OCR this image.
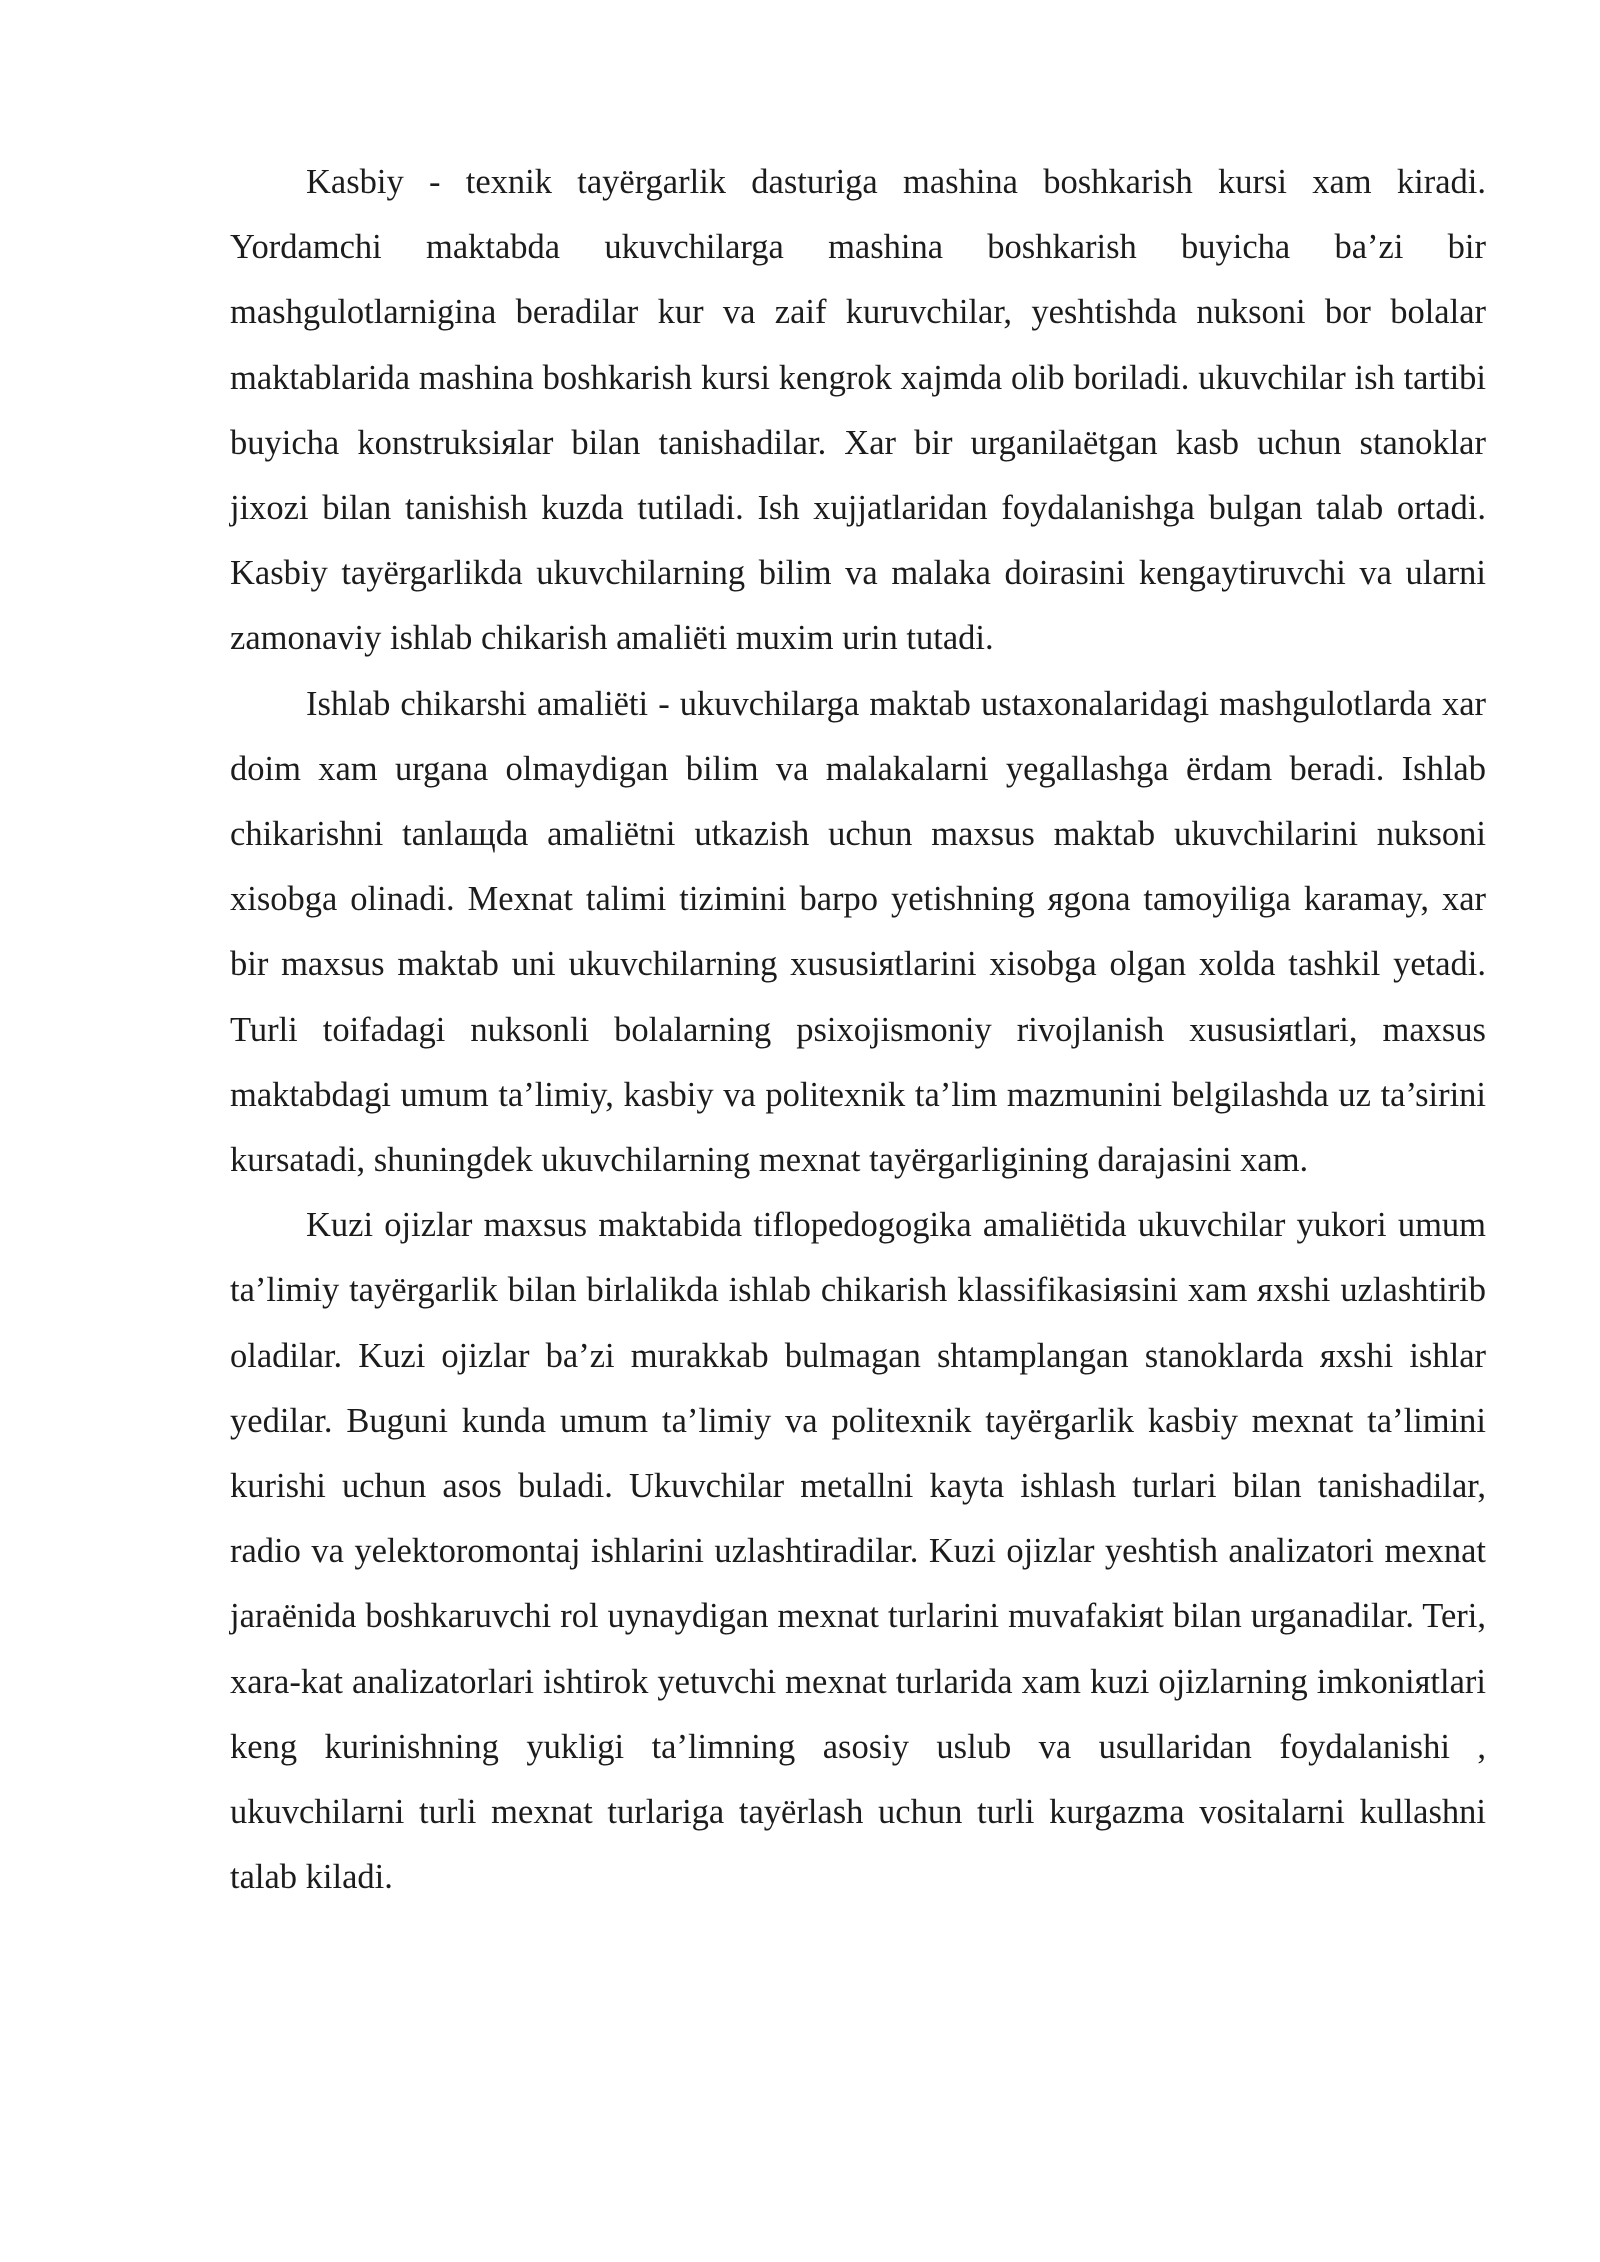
Kasbiy - texnik tayёrgarlik dasturiga mashina boshkarish kursi xam kiradi. Yordamchi maktabda ukuvchilarga mashina boshkarish buyicha ba’zi bir mashgulotlarnigina beradilar kur va zaif kuruvchilar, yeshtishda nuksoni bor bolalar maktablarida mashina boshkarish kursi kengrok xajmda olib boriladi. ukuvchilar ish tartibi buyicha konstruksiяlar bilan tanishadilar. Xar bir urganilaёtgan kasb uchun stanoklar jixozi bilan tanishish kuzda tutiladi. Ish xujjatlaridan foydalanishga bulgan talab ortadi. Kasbiy tayёrgarlikda ukuvchilarning bilim va malaka doirasini kengaytiruvchi va ularni zamonaviy ishlab chikarish amaliёti muxim urin tutadi.

Ishlab chikarshi amaliёti - ukuvchilarga maktab ustaxonalaridagi mashgulotlarda xar doim xam urgana olmaydigan bilim va malakalarni yegallashga ёrdam beradi. Ishlab chikarishni tanlaщda amaliёtni utkazish uchun maxsus maktab ukuvchilarini nuksoni xisobga olinadi. Mexnat talimi tizimini barpo yetishning яgona tamoyiliga karamay, xar bir maxsus maktab uni ukuvchilarning xususiяtlarini xisobga olgan xolda tashkil yetadi. Turli toifadagi nuksonli bolalarning psixojismoniy rivojlanish xususiяtlari, maxsus maktabdagi umum ta’limiy, kasbiy va politexnik ta’lim mazmunini belgilashda uz ta’sirini kursatadi, shuningdek ukuvchilarning mexnat tayёrgarligining darajasini xam.

Kuzi ojizlar maxsus maktabida tiflopedogogika amaliёtida ukuvchilar yukori umum ta’limiy tayёrgarlik bilan birlalikda ishlab chikarish klassifikasiяsini xam яxshi uzlashtirib oladilar. Kuzi ojizlar ba’zi murakkab bulmagan shtamplangan stanoklarda яxshi ishlar yedilar. Buguni kunda umum ta’limiy va politexnik tayёrgarlik kasbiy mexnat ta’limini kurishi uchun asos buladi. Ukuvchilar metallni kayta ishlash turlari bilan tanishadilar, radio va yelektoromontaj ishlarini uzlashtiradilar. Kuzi ojizlar yeshtish analizatori mexnat jaraёnida boshkaruvchi rol uynaydigan mexnat turlarini muvafakiяt bilan urganadilar. Teri, xara-kat analizatorlari ishtirok yetuvchi mexnat turlarida xam kuzi ojizlarning imkoniяtlari keng kurinishning yukligi ta’limning asosiy uslub va usullaridan foydalanishi , ukuvchilarni turli mexnat turlariga tayёrlash uchun turli kurgazma vositalarni kullashni talab kiladi.
